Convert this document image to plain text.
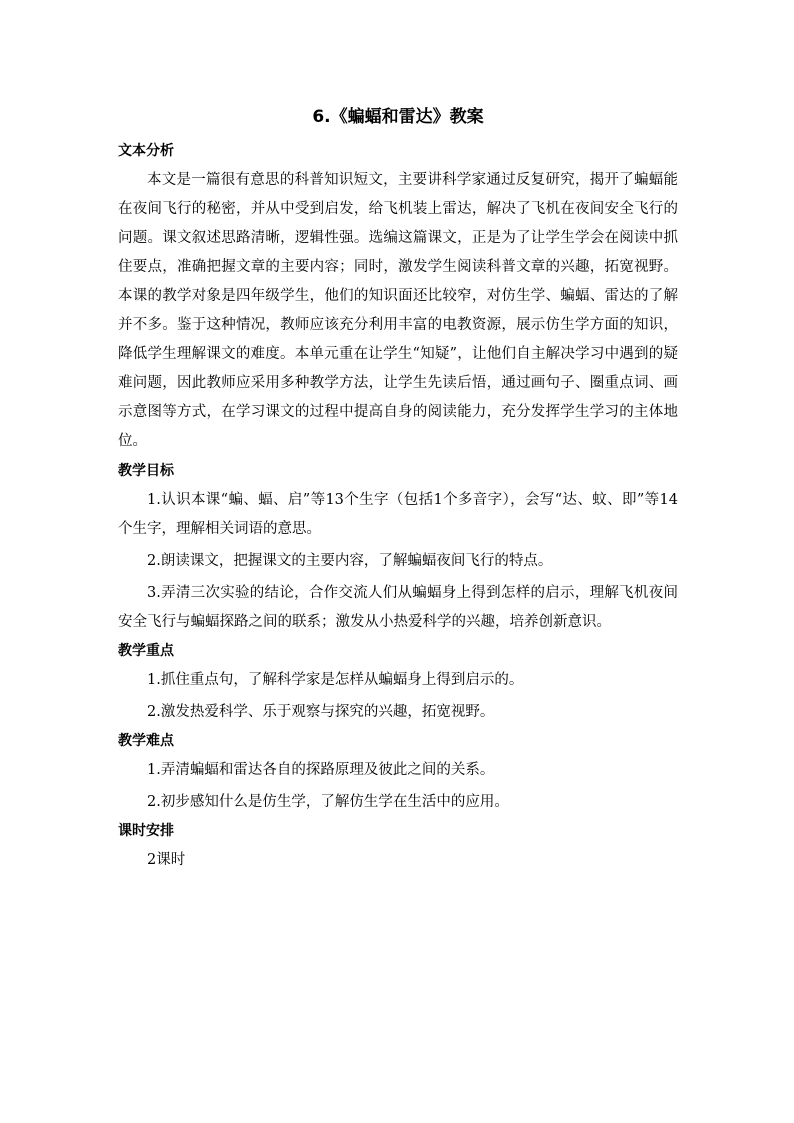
6.《蝙蝠和雷达》教案
文本分析

本文是一篇很有意思的科普知识短文，主要讲科学家通过反复研究，揭开了蝙蝠能在夜间飞行的秘密，并从中受到启发，给飞机装上雷达，解决了飞机在夜间安全飞行的问题。课文叙述思路清晰，逻辑性强。选编这篇课文，正是为了让学生学会在阅读中抓住要点，准确把握文章的主要内容；同时，激发学生阅读科普文章的兴趣，拓宽视野。本课的教学对象是四年级学生，他们的知识面还比较窄，对仿生学、蝙蝠、雷达的了解并不多。鉴于这种情况，教师应该充分利用丰富的电教资源，展示仿生学方面的知识，降低学生理解课文的难度。本单元重在让学生“知疑”，让他们自主解决学习中遇到的疑难问题，因此教师应采用多种教学方法，让学生先读后悟，通过画句子、圈重点词、画示意图等方式，在学习课文的过程中提高自身的阅读能力，充分发挥学生学习的主体地位。

教学目标

1.认识本课“蝙、蝠、启”等13个生字（包括1个多音字），会写“达、蚊、即”等14个生字，理解相关词语的意思。

2.朗读课文，把握课文的主要内容，了解蝙蝠夜间飞行的特点。

3.弄清三次实验的结论，合作交流人们从蝙蝠身上得到怎样的启示，理解飞机夜间安全飞行与蝙蝠探路之间的联系；激发从小热爱科学的兴趣，培养创新意识。

教学重点

1.抓住重点句，了解科学家是怎样从蝙蝠身上得到启示的。

2.激发热爱科学、乐于观察与探究的兴趣，拓宽视野。

教学难点

1.弄清蝙蝠和雷达各自的探路原理及彼此之间的关系。

2.初步感知什么是仿生学，了解仿生学在生活中的应用。

课时安排

2课时
